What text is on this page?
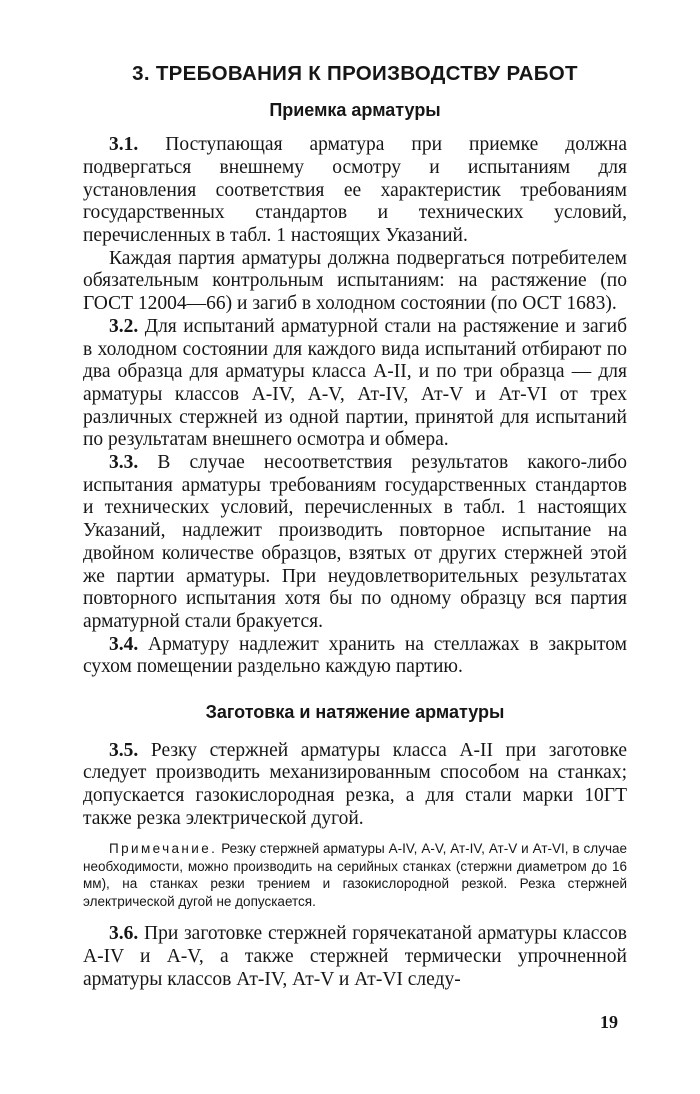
3. ТРЕБОВАНИЯ К ПРОИЗВОДСТВУ РАБОТ
Приемка арматуры

3.1. Поступающая арматура при приемке должна подвергаться внешнему осмотру и испытаниям для установления соответствия ее характеристик требованиям государственных стандартов и технических условий, перечисленных в табл. 1 настоящих Указаний.

Каждая партия арматуры должна подвергаться потребителем обязательным контрольным испытаниям: на растяжение (по ГОСТ 12004—66) и загиб в холодном состоянии (по ОСТ 1683).

3.2. Для испытаний арматурной стали на растяжение и загиб в холодном состоянии для каждого вида испытаний отбирают по два образца для арматуры класса А-II, и по три образца — для арматуры классов А-IV, А-V, Ат-IV, Ат-V и Ат-VI от трех различных стержней из одной партии, принятой для испытаний по результатам внешнего осмотра и обмера.

3.3. В случае несоответствия результатов какого-либо испытания арматуры требованиям государственных стандартов и технических условий, перечисленных в табл. 1 настоящих Указаний, надлежит производить повторное испытание на двойном количестве образцов, взятых от других стержней этой же партии арматуры. При неудовлетворительных результатах повторного испытания хотя бы по одному образцу вся партия арматурной стали бракуется.

3.4. Арматуру надлежит хранить на стеллажах в закрытом сухом помещении раздельно каждую партию.

Заготовка и натяжение арматуры

3.5. Резку стержней арматуры класса А-II при заготовке следует производить механизированным способом на станках; допускается газокислородная резка, а для стали марки 10ГТ также резка электрической дугой.

Примечание. Резку стержней арматуры А-IV, А-V, Ат-IV, Ат-V и Ат-VI, в случае необходимости, можно производить на серийных станках (стержни диаметром до 16 мм), на станках резки трением и газокислородной резкой. Резка стержней электрической дугой не допускается.

3.6. При заготовке стержней горячекатаной арматуры классов А-IV и А-V, а также стержней термически упрочненной арматуры классов Ат-IV, Ат-V и Ат-VI следу-

19
